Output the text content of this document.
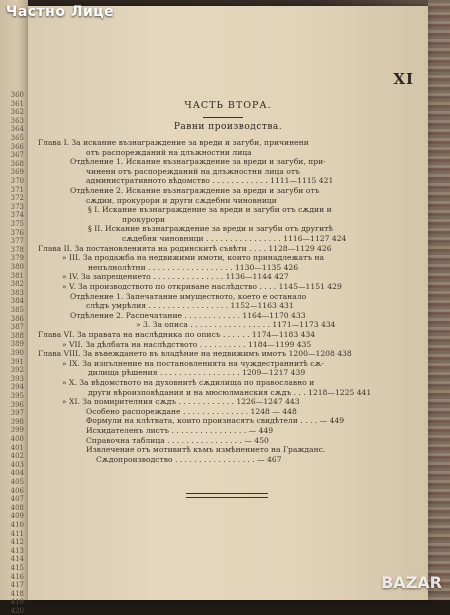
360
361
362
363
364
365
366
367
368
369
370
371
372
373
374
375
376
377
378
379
380
381
382
383
384
385
386
387
388
389
390
391
392
393
394
395
396
397
398
399
400
401
402
403
404
405
406
407
408
409
410
411
412
413
414
415
416
417
418
419
420
XI
ЧАСТЬ ВТОРА.
Равни производства.
Глава I. За искание възнаграждение за вреди и загуби, причинени
отъ распорежданий на длъжностни лица
Отдѣление 1. Искание възнаграждение за вреди и загуби, при-
чинени отъ распорежданий на длъжностни лица отъ
административното вѣдомство . . . . . . . . . . . . 1111—1115 421
Отдѣление 2. Искание възнаграждение за вреди и загуби отъ
сѫдии, прокурори и други сѫдебни чиновници
§ I. Искание възнаграждение за вреди и загуби отъ сѫдии и
прокурори
§ II. Искание възнаграждение за вреди и загуби отъ другитѣ
сѫдебни чиновници . . . . . . . . . . . . . . . . 1116—1127 424
Глава II. За постановленията на родинскитѣ съвѣти . . . . 1128—1129 426
» III. За продажба на недвижими имоти, които принадлежатъ на
непълнолѣтни . . . . . . . . . . . . . . . . . . 1130—1135 426
» IV. За запрещението . . . . . . . . . . . . . . . 1136—1144 427
» V. За производството по откриване наслѣдство . . . . 1145—1151 429
Отдѣление 1. Запечатание имуществото, което е останало
слѣдъ умрѣлия . . . . . . . . . . . . . . . . . 1152—1163 431
Отдѣление 2. Распечатание . . . . . . . . . . . . 1164—1170 433
» 3. За описа . . . . . . . . . . . . . . . . . 1171—1173 434
Глава VI. За правата на наслѣдника по описъ . . . . . . 1174—1183 434
» VII. За дѣлбата на наслѣдството . . . . . . . . . . 1184—1199 435
Глава VIII. За въвеждането въ владѣние на недвижимъ имотъ 1200—1208 438
» IX. За изпълнение на постановленията на чуждестраннитѣ сѫ-
дилища рѣшения . . . . . . . . . . . . . . . . . 1209—1217 439
» X. За вѣдомството на духовнитѣ сѫдилища по православно и
други вѣроизповѣдания и на мюсюлманския сѫдъ . . . 1218—1225 441
» XI. За помирителния сѫдъ . . . . . . . . . . . . 1226—1247 443
Особено распореждане . . . . . . . . . . . . . . 1248 — 448
Формули на клѣтвата, които произнасятъ свидѣтели . . . . — 449
Исхидателенъ листъ . . . . . . . . . . . . . . . . — 449
Справочна таблица . . . . . . . . . . . . . . . . — 450
Извлечение отъ мотивитѣ къмъ измѣнението на Гражданс.
Сѫдопроизводство . . . . . . . . . . . . . . . . . — 467
Частно Лице
BAZAR
